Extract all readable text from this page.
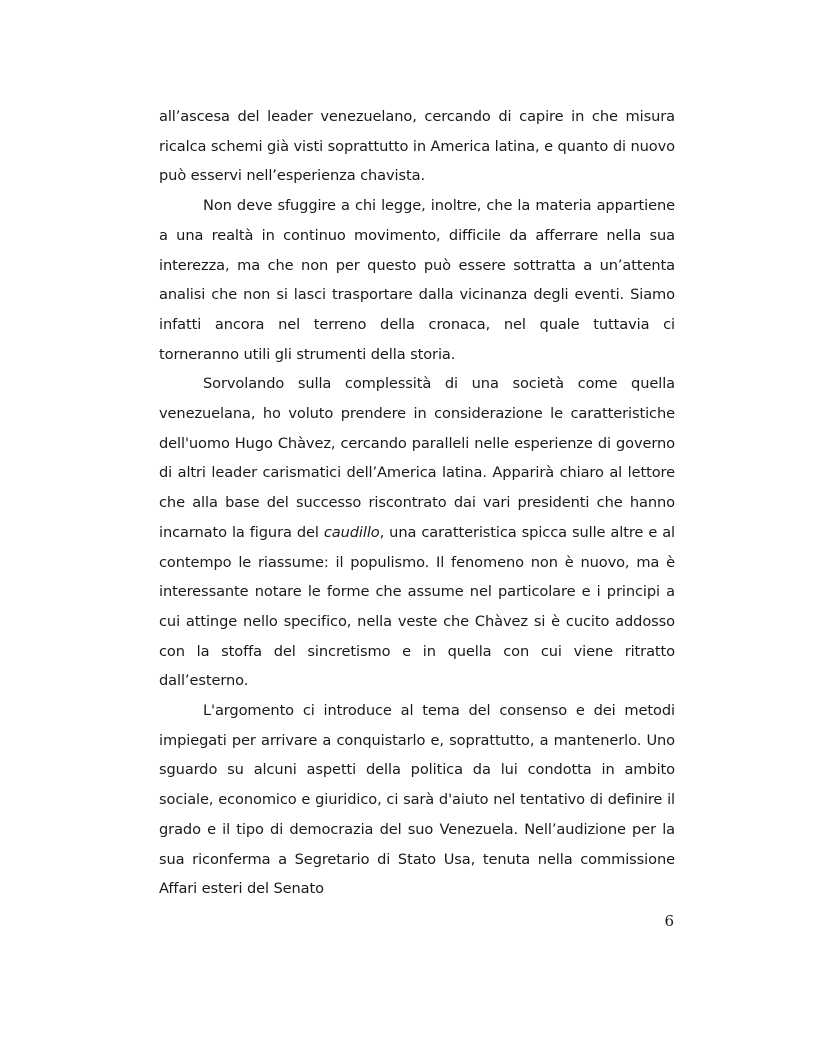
all’ascesa del leader venezuelano, cercando di capire in che misura ricalca schemi già visti soprattutto in America latina, e quanto di nuovo può esservi nell’esperienza chavista.

Non deve sfuggire a chi legge, inoltre, che la materia appartiene a una realtà in continuo movimento, difficile da afferrare nella sua interezza, ma che non per questo può essere sottratta a un’attenta analisi che non si lasci trasportare dalla vicinanza degli eventi. Siamo infatti ancora nel terreno della cronaca, nel quale tuttavia ci torneranno utili gli strumenti della storia.

Sorvolando sulla complessità di una società come quella venezuelana, ho voluto prendere in considerazione le caratteristiche dell'uomo Hugo Chàvez, cercando paralleli nelle esperienze di governo di altri leader carismatici dell’America latina. Apparirà chiaro al lettore che alla base del successo riscontrato dai vari presidenti che hanno incarnato la figura del caudillo, una caratteristica spicca sulle altre e al contempo le riassume: il populismo. Il fenomeno non è nuovo, ma è interessante notare le forme che assume nel particolare e i principi a cui attinge nello specifico, nella veste che Chàvez si è cucito addosso con la stoffa del sincretismo e in quella con cui viene ritratto dall’esterno.

L'argomento ci introduce al tema del consenso e dei metodi impiegati per arrivare a conquistarlo e, soprattutto, a mantenerlo. Uno sguardo su alcuni aspetti della politica da lui condotta in ambito sociale, economico e giuridico, ci sarà d'aiuto nel tentativo di definire il grado e il tipo di democrazia del suo Venezuela. Nell’audizione per la sua riconferma a Segretario di Stato Usa, tenuta nella commissione Affari esteri del Senato

6
